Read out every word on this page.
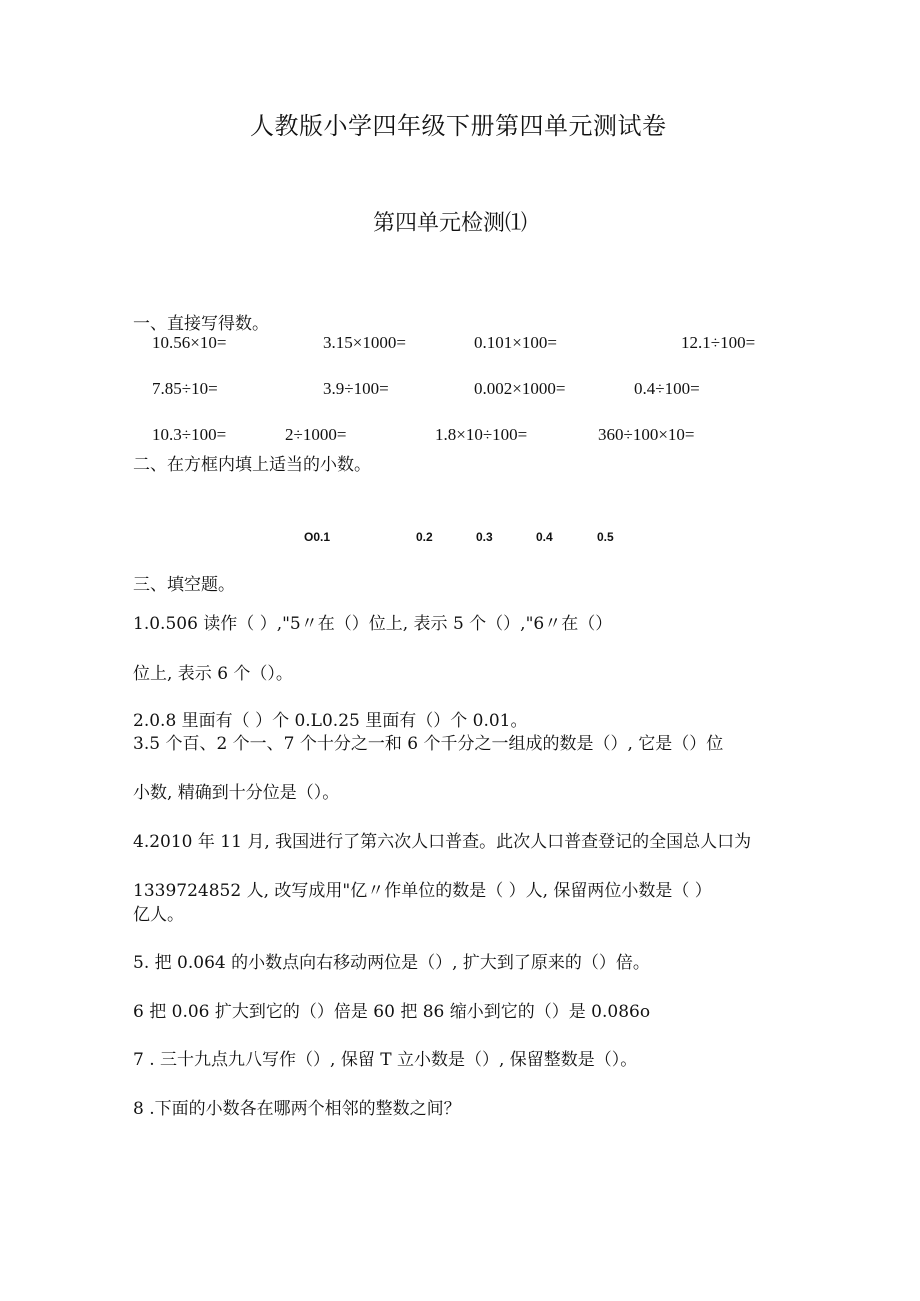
人教版小学四年级下册第四单元测试卷
第四单元检测⑴
一、直接写得数。
10.56×10=	3.15×1000=	0.101×100=	12.1÷100=
7.85÷10=	3.9÷100=	0.002×1000=	0.4÷100=
10.3÷100=	2÷1000=	1.8×10÷100=	360÷100×10=
二、在方框内填上适当的小数。
O0.1	0.2	0.3	0.4	0.5
三、填空题。
1.0.506 读作（ ）,"5〃在（）位上, 表示 5 个（）,"6〃在（）
位上, 表示 6 个（）。
2.0.8 里面有（ ）个 0.L0.25 里面有（）个 0.01。
3.5 个百、2 个一、7 个十分之一和 6 个千分之一组成的数是（）, 它是（）位
小数, 精确到十分位是（）。
4.2010 年 11 月, 我国进行了第六次人口普查。此次人口普查登记的全国总人口为
1339724852 人, 改写成用"亿〃作单位的数是（ ）人, 保留两位小数是（ ）
亿人。
5. 把 0.064 的小数点向右移动两位是（）, 扩大到了原来的（）倍。
6 把 0.06 扩大到它的（）倍是 60 把 86 缩小到它的（）是 0.086o
7 . 三十九点九八写作（）, 保留 T 立小数是（）, 保留整数是（）。
8 .下面的小数各在哪两个相邻的整数之间？
